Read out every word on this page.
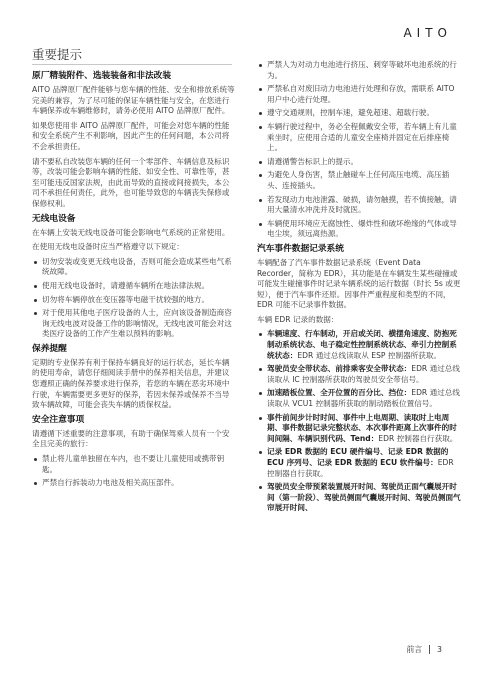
AITO
重要提示
原厂精装附件、选装装备和非法改装

AITO 品牌原厂配件能够与您车辆的性能、安全和排放系统等完美的兼容，为了尽可能的保证车辆性能与安全，在您进行车辆保养或车辆维修时，请务必使用 AITO 品牌原厂配件。

如果您使用非 AITO 品牌原厂配件，可能会对您车辆的性能和安全系统产生不利影响，因此产生的任何问题，本公司将不会承担责任。

请不要私自改装您车辆的任何一个零部件、车辆信息及标识等，改装可能会影响车辆的性能、如安全性、可靠性等，甚至可能违反国家法规，由此而导致的直接或间接损失，本公司不承担任何责任，此外，也可能导致您的车辆丧失保修或保修权利。

无线电设备

在车辆上安装无线电设备可能会影响电气系统的正常使用。

在使用无线电设备时应当严格遵守以下规定：

切勿安装或变更无线电设备，否则可能会造成某些电气系统故障。
使用无线电设备时，请遵循车辆所在地法律法规。
切勿将车辆停放在变压器等电磁干扰较强的地方。
对于使用其他电子医疗设备的人士，应向该设备制造商咨询无线电波对设备工作的影响情况，无线电波可能会对这类医疗设备的工作产生难以预料的影响。
保养提醒

定期的专业保养有利于保持车辆良好的运行状态，延长车辆的使用寿命，请您仔细阅读手册中的保养相关信息，并建议您遵照正确的保养要求进行保养，若您的车辆在恶劣环境中行驶，车辆需要更多更好的保养，若因未保养或保养不当导致车辆故障，可能会丧失车辆的质保权益。

安全注意事项

请遵循下述重要的注意事项，有助于确保驾乘人员有一个安全且完美的旅行：

禁止将儿童单独留在车内，也不要让儿童使用或携带钥匙。
严禁自行拆装动力电池及相关高压部件。
严禁人为对动力电池进行挤压、刺穿等破坏电池系统的行为。
严禁私自对废旧动力电池进行处理和存放，需联系 AITO 用户中心进行处理。
遵守交通规则，控制车速，避免超速、超载行驶。
车辆行驶过程中，务必全程佩戴安全带，若车辆上有儿童乘坐时，应使用合适的儿童安全座椅并固定在后排座椅上。
请遵循警告标识上的提示。
为避免人身伤害，禁止触碰车上任何高压电缆、高压插头、连接插头。
若发现动力电池泄露、破损，请勿触摸，若不慎接触，请用大量清水冲洗并及时就医。
车辆使用环境应无腐蚀性、爆炸性和破坏绝缘的气体或导电尘埃，须远离热源。
汽车事件数据记录系统

车辆配备了汽车事件数据记录系统（Event Data Recorder，简称为 EDR），其功能是在车辆发生某些碰撞或可能发生碰撞事件时记录车辆系统的运行数据（时长 5s 或更短），便于汽车事件还原。因事件严重程度和类型的不同，EDR 可能不记录事件数据。

车辆 EDR 记录的数据：

车辆速度、行车制动，开启或关闭、横摆角速度、防抱死制动系统状态、电子稳定性控制系统状态、牵引力控制系统状态：EDR 通过总线读取从 ESP 控制器所获取。
驾驶员安全带状态、前排乘客安全带状态：EDR 通过总线读取从 IC 控制器所获取的驾驶员安全带信号。
加速踏板位置、全开位置的百分比、挡位：EDR 通过总线读取从 VCU1 控制器所获取的制动踏板位置信号。
事件前间步计时时间、事件中上电周期、读取时上电周期、事件数据记录完整状态、本次事件距离上次事件的时间间隔、车辆识别代码、Tend：EDR 控制器自行获取。
记录 EDR 数据的 ECU 硬件编号、记录 EDR 数据的 ECU 序列号、记录 EDR 数据的 ECU 软件编号：EDR 控制器自行获取。
驾驶员安全带预紧装置展开时间、驾驶员正面气囊展开时间（第一阶段）、驾驶员侧面气囊展开时间、驾驶员侧面气帘展开时间、
前言 3
